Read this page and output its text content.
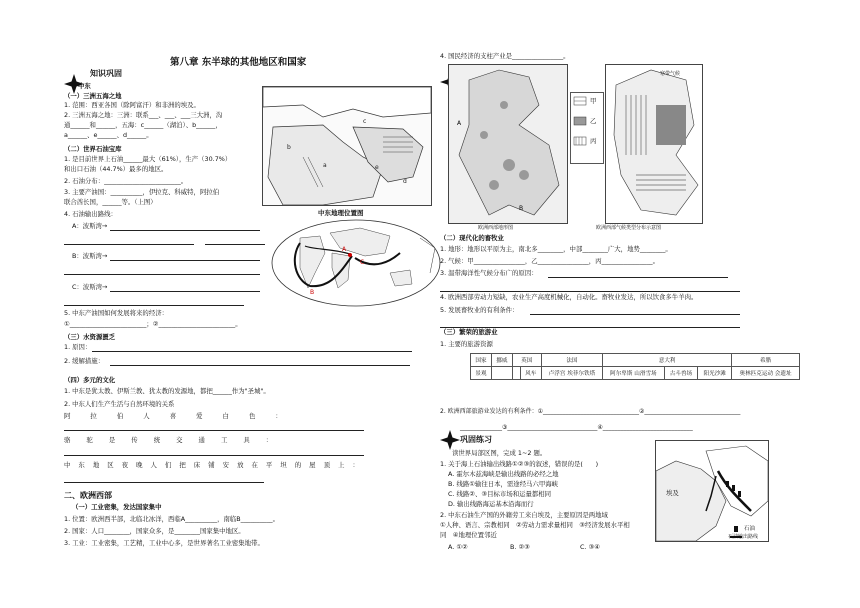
第八章 东半球的其他地区和国家
知识巩固
中东
（一）三洲五海之地
1. 范围：西亚各国（除阿富汗）和非洲的埃及。
2. 三洲五海之地：三洲：联系___、___、___三大洲，沟
通______和______，五海：c______（湖泊）、b______，
a______、e______、d______。
（二）世界石油宝库
1. 是目前世界上石油______最大（61%），生产（30.7%）
和出口石油（44.7%）最多的地区。
2. 石油分布：________________________。
3. 主要产油国：__________，伊拉克、科威特，阿拉伯
联合酋长国，______等。（上图）
4. 石油输出路线：
A：波斯湾→
B：波斯湾→
C：波斯湾→
5. 中东产油国如何发展将来的经济：
①________________________；②________________________。
（三）水资源匮乏
1. 原因：
2. 缓解措施：
（四）多元的文化
1. 中东是犹太教、伊斯兰教、犹太教的发源地，都把______作为"圣城"。
2. 中东人们生产生活与自然环境的关系
阿 拉 伯 人 喜 爱 白 色 ：
骆 驼 是 传 统 交 通 工 具 ：
中 东 地 区 夜 晚 人 们 把 床 铺 安 放 在 平 坦 的 屋 顶 上 ：
二、欧洲西部
（一）工业密集，发达国家集中
1. 位置：欧洲西半部，北临北冰洋，西临A__________，南临B__________。
2. 国家：人口________，国家众多，是________国家集中地区。
3. 工业：工业密集，工艺精，工业中心多，是世界著名工业密集地带。
b
c
a	e
d
中东地理位置图
B
C
A
4. 国民经济的支柱产业是________________。
A
B
欧洲西部地形图
甲
乙
丙
寒带气候
欧洲西部气候类型分布示意图
（二）现代化的畜牧业
1. 地形：地形以平原为主，南北多________，中部________广大，地势________。
2. 气候：甲________________，乙________________，丙________________。
3. 温带海洋性气候分布广的原因：
4. 欧洲西部劳动力短缺，农业生产高度机械化，自动化。畜牧业发达，所以饮食多牛羊肉。
5. 发展畜牧业的有利条件：
（三）繁荣的旅游业
1. 主要的旅游资源
国家	挪威	英国		法国	意大利			希腊
景观			风车	卢浮宫 埃菲尔铁塔	阿尔卑斯 山滑雪场	古斗兽场	阳光沙滩	奥林匹克运动 会遗址
2. 欧洲西部旅游业发达的有利条件：①________________________________②________________________________
______________③______________________________④______________________________
巩固练习
读世界局部区图，完成 1~2 题。
1. 关于海上石油输出线路①②③的叙述，错误的是(　　)
A. 霍尔木兹海峡是输出线路的必经之地
B. 线路①输往日本，需途经马六甲海峡
C. 线路②、③目标市场和运量都相同
D. 输出线路海运基本沿海而行
2. 中东石油生产国的外籍劳工来自埃及，主要原因是两地域
①人种、语言、宗教相同　②劳动力需求量相同　③经济发展水平相
同　④地理位置邻近
A. ①②	B. ②③	C. ③④
埃及
石油
石油输出路线
